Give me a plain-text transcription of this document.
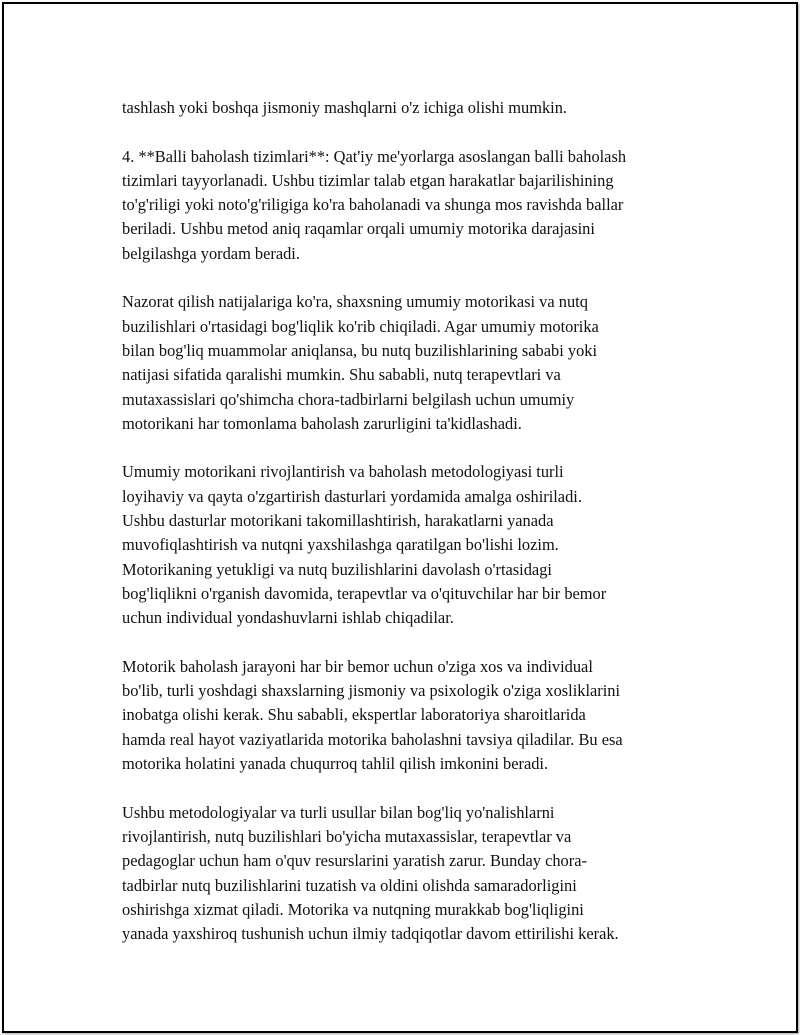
tashlash yoki boshqa jismoniy mashqlarni o'z ichiga olishi mumkin.

4. **Balli baholash tizimlari**: Qat'iy me'yorlarga asoslangan balli baholash
tizimlari tayyorlanadi. Ushbu tizimlar talab etgan harakatlar bajarilishining
to'g'riligi yoki noto'g'riligiga ko'ra baholanadi va shunga mos ravishda ballar
beriladi. Ushbu metod aniq raqamlar orqali umumiy motorika darajasini
belgilashga yordam beradi.

Nazorat qilish natijalariga ko'ra, shaxsning umumiy motorikasi va nutq
buzilishlari o'rtasidagi bog'liqlik ko'rib chiqiladi. Agar umumiy motorika
bilan bog'liq muammolar aniqlansa, bu nutq buzilishlarining sababi yoki
natijasi sifatida qaralishi mumkin. Shu sababli, nutq terapevtlari va
mutaxassislari qo'shimcha chora-tadbirlarni belgilash uchun umumiy
motorikani har tomonlama baholash zarurligini ta'kidlashadi.

Umumiy motorikani rivojlantirish va baholash metodologiyasi turli
loyihaviy va qayta o'zgartirish dasturlari yordamida amalga oshiriladi.
Ushbu dasturlar motorikani takomillashtirish, harakatlarni yanada
muvofiqlashtirish va nutqni yaxshilashga qaratilgan bo'lishi lozim.
Motorikaning yetukligi va nutq buzilishlarini davolash o'rtasidagi
bog'liqlikni o'rganish davomida, terapevtlar va o'qituvchilar har bir bemor
uchun individual yondashuvlarni ishlab chiqadilar.

Motorik baholash jarayoni har bir bemor uchun o'ziga xos va individual
bo'lib, turli yoshdagi shaxslarning jismoniy va psixologik o'ziga xosliklarini
inobatga olishi kerak. Shu sababli, ekspertlar laboratoriya sharoitlarida
hamda real hayot vaziyatlarida motorika baholashni tavsiya qiladilar. Bu esa
motorika holatini yanada chuqurroq tahlil qilish imkonini beradi.

Ushbu metodologiyalar va turli usullar bilan bog'liq yo'nalishlarni
rivojlantirish, nutq buzilishlari bo'yicha mutaxassislar, terapevtlar va
pedagoglar uchun ham o'quv resurslarini yaratish zarur. Bunday chora-
tadbirlar nutq buzilishlarini tuzatish va oldini olishda samaradorligini
oshirishga xizmat qiladi. Motorika va nutqning murakkab bog'liqligini
yanada yaxshiroq tushunish uchun ilmiy tadqiqotlar davom ettirilishi kerak.
